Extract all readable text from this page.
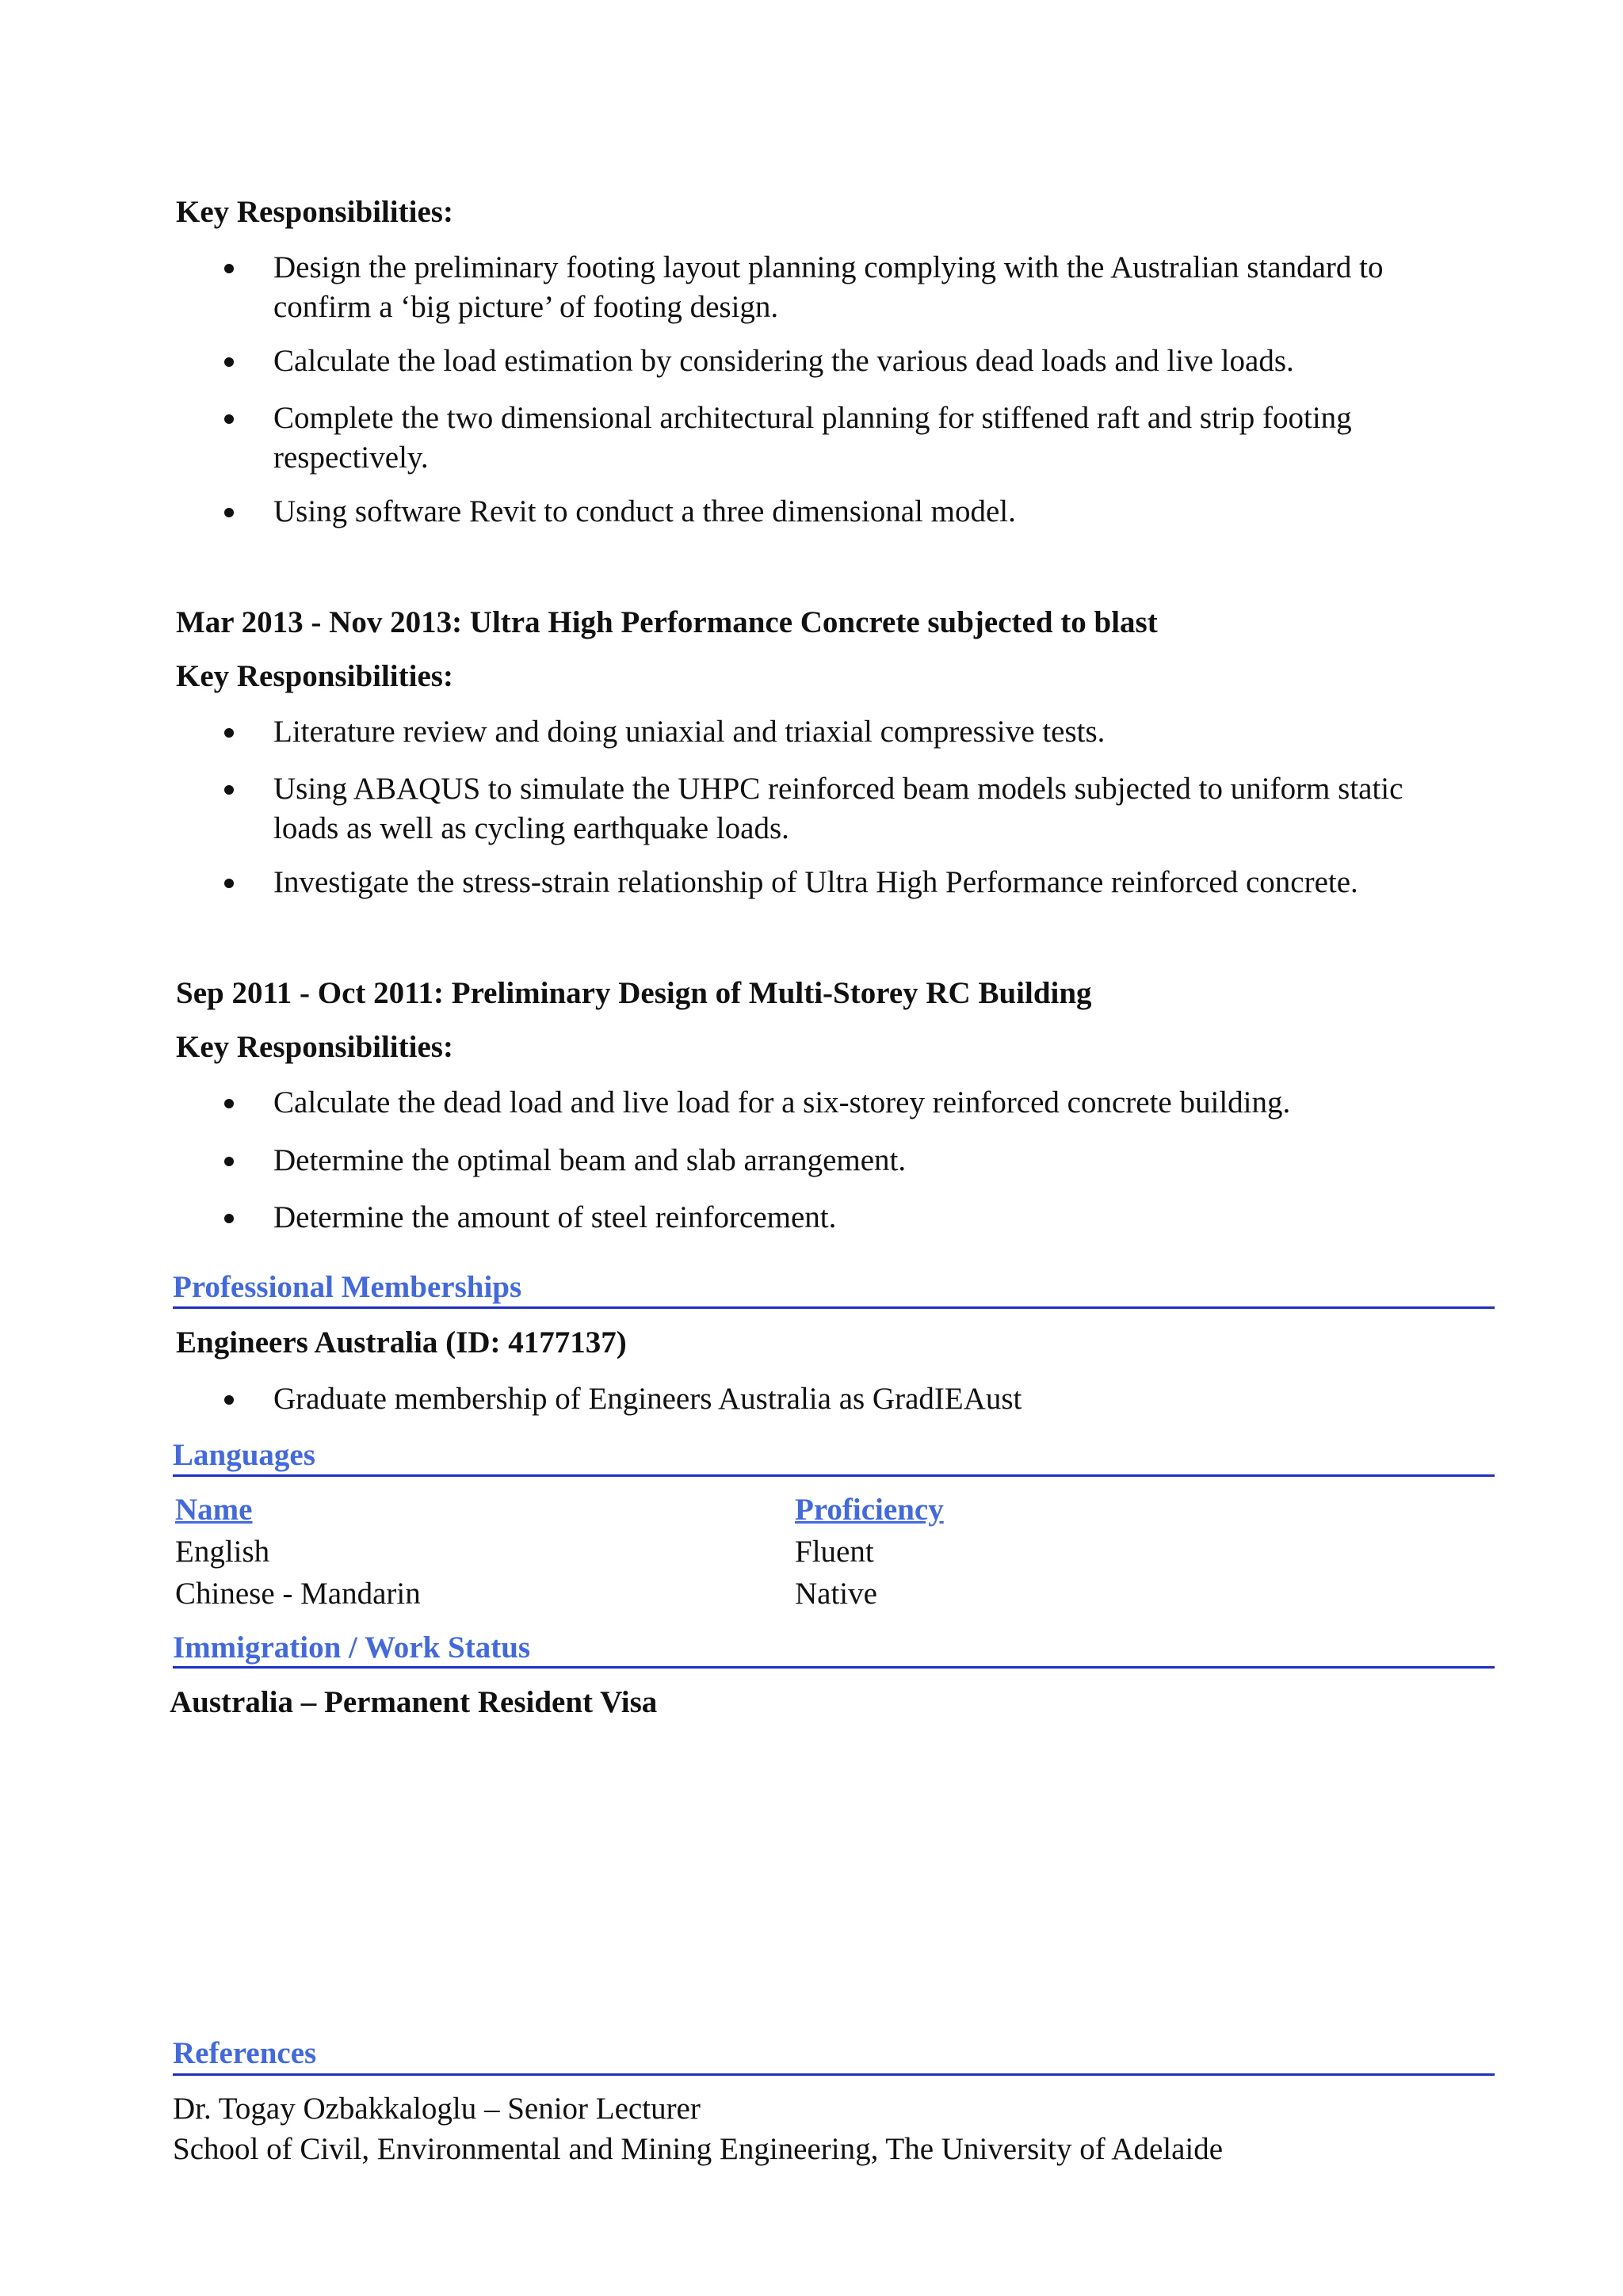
Key Responsibilities:
Design the preliminary footing layout planning complying with the Australian standard to
confirm a ‘big picture’ of footing design.
Calculate the load estimation by considering the various dead loads and live loads.
Complete the two dimensional architectural planning for stiffened raft and strip footing
respectively.
Using software Revit to conduct a three dimensional model.
Mar 2013 - Nov 2013: Ultra High Performance Concrete subjected to blast
Key Responsibilities:
Literature review and doing uniaxial and triaxial compressive tests.
Using ABAQUS to simulate the UHPC reinforced beam models subjected to uniform static
loads as well as cycling earthquake loads.
Investigate the stress-strain relationship of Ultra High Performance reinforced concrete.
Sep 2011 - Oct 2011: Preliminary Design of Multi-Storey RC Building
Key Responsibilities:
Calculate the dead load and live load for a six-storey reinforced concrete building.
Determine the optimal beam and slab arrangement.
Determine the amount of steel reinforcement.
Professional Memberships
Engineers Australia (ID: 4177137)
Graduate membership of Engineers Australia as GradIEAust
Languages
Name	Proficiency
English	Fluent
Chinese - Mandarin	Native
Immigration / Work Status
Australia – Permanent Resident Visa
References
Dr. Togay Ozbakkaloglu – Senior Lecturer
School of Civil, Environmental and Mining Engineering, The University of Adelaide
